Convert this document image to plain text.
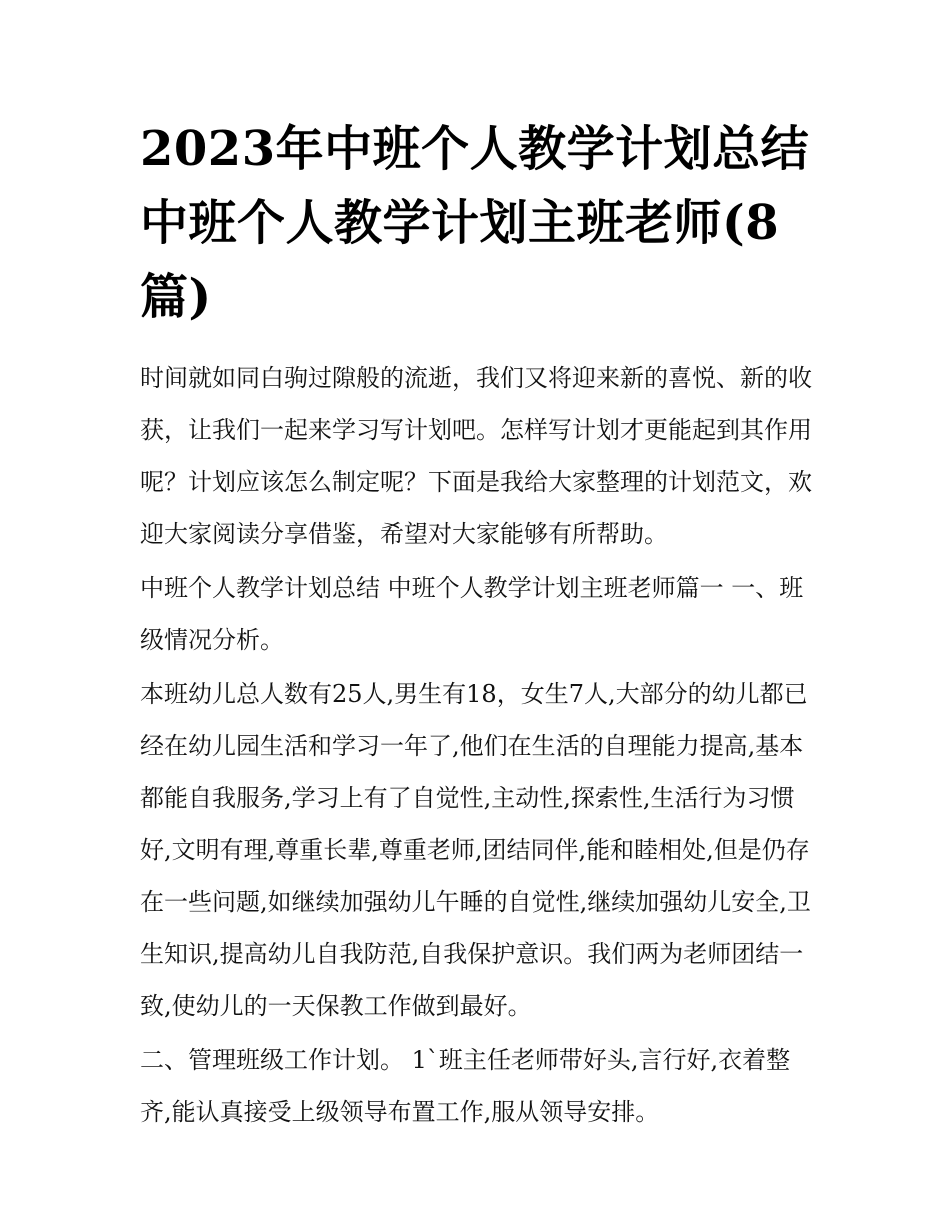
2023年中班个人教学计划总结 中班个人教学计划主班老师(8篇)

时间就如同白驹过隙般的流逝，我们又将迎来新的喜悦、新的收获，让我们一起来学习写计划吧。怎样写计划才更能起到其作用呢？计划应该怎么制定呢？下面是我给大家整理的计划范文，欢迎大家阅读分享借鉴，希望对大家能够有所帮助。

中班个人教学计划总结 中班个人教学计划主班老师篇一 一、班级情况分析。

本班幼儿总人数有25人,男生有18，女生7人,大部分的幼儿都已经在幼儿园生活和学习一年了,他们在生活的自理能力提高,基本都能自我服务,学习上有了自觉性,主动性,探索性,生活行为习惯好,文明有理,尊重长辈,尊重老师,团结同伴,能和睦相处,但是仍存在一些问题,如继续加强幼儿午睡的自觉性,继续加强幼儿安全,卫生知识,提高幼儿自我防范,自我保护意识。我们两为老师团结一致,使幼儿的一天保教工作做到最好。

二、管理班级工作计划。 1`班主任老师带好头,言行好,衣着整齐,能认真接受上级领导布置工作,服从领导安排。
